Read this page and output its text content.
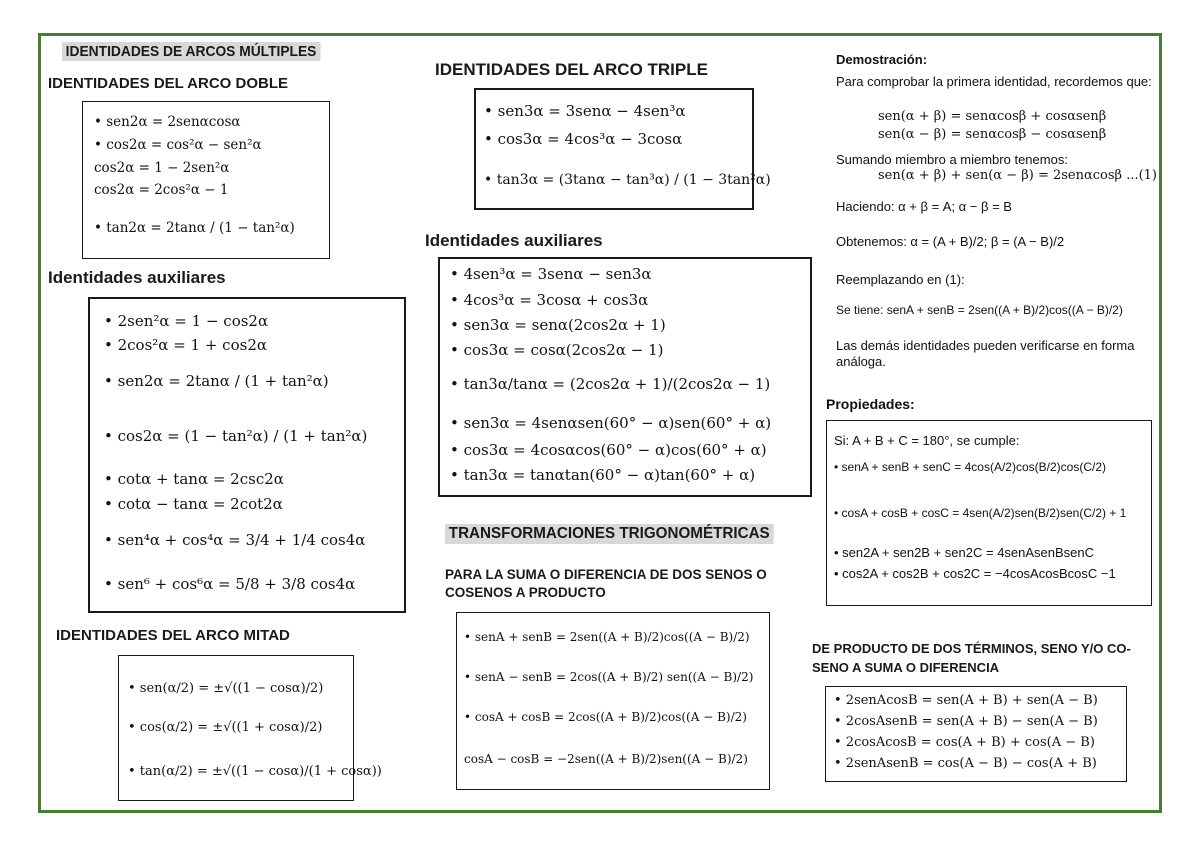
IDENTIDADES DE ARCOS MÚLTIPLES
IDENTIDADES DEL ARCO DOBLE
• sen2α = 2senαcosα
• cos2α = cos²α − sen²α
cos2α = 1 − 2sen²α
cos2α = 2cos²α − 1
• tan2α = 2tanα / (1 − tan²α)
Identidades auxiliares
• 2sen²α = 1 − cos2α
• 2cos²α = 1 + cos2α
• sen2α = 2tanα / (1 + tan²α)
• cos2α = (1 − tan²α) / (1 + tan²α)
• cotα + tanα = 2csc2α
• cotα − tanα = 2cot2α
• sen⁴α + cos⁴α = 3/4 + 1/4 cos4α
• sen⁶ + cos⁶α = 5/8 + 3/8 cos4α
IDENTIDADES DEL ARCO MITAD
• sen(α/2) = ±√((1 − cosα)/2)
• cos(α/2) = ±√((1 + cosα)/2)
• tan(α/2) = ±√((1 − cosα)/(1 + cosα))
IDENTIDADES DEL ARCO TRIPLE
• sen3α = 3senα − 4sen³α
• cos3α = 4cos³α − 3cosα
• tan3α = (3tanα − tan³α) / (1 − 3tan²α)
Identidades auxiliares
• 4sen³α = 3senα − sen3α
• 4cos³α = 3cosα + cos3α
• sen3α = senα(2cos2α + 1)
• cos3α = cosα(2cos2α − 1)
• tan3α/tanα = (2cos2α + 1)/(2cos2α − 1)
• sen3α = 4senαsen(60° − α)sen(60° + α)
• cos3α = 4cosαcos(60° − α)cos(60° + α)
• tan3α = tanαtan(60° − α)tan(60° + α)
TRANSFORMACIONES TRIGONOMÉTRICAS
PARA LA SUMA O DIFERENCIA DE DOS SENOS O
COSENOS A PRODUCTO
• senA + senB = 2sen((A + B)/2)cos((A − B)/2)
• senA − senB = 2cos((A + B)/2) sen((A − B)/2)
• cosA + cosB = 2cos((A + B)/2)cos((A − B)/2)
cosA − cosB = −2sen((A + B)/2)sen((A − B)/2)
Demostración:
Para comprobar la primera identidad, recordemos que:
sen(α + β) = senαcosβ + cosαsenβ
sen(α − β) = senαcosβ − cosαsenβ
Sumando miembro a miembro tenemos:
sen(α + β) + sen(α − β) = 2senαcosβ ...(1)
Haciendo: α + β = A; α − β = B
Obtenemos: α = (A + B)/2; β = (A − B)/2
Reemplazando en (1):
Se tiene: senA + senB = 2sen((A + B)/2)cos((A − B)/2)
Las demás identidades pueden verificarse en forma análoga.
Propiedades:
Si: A + B + C = 180°, se cumple:
• senA + senB + senC = 4cos(A/2)cos(B/2)cos(C/2)
• cosA + cosB + cosC = 4sen(A/2)sen(B/2)sen(C/2) + 1
• sen2A + sen2B + sen2C = 4senAsenBsenC
• cos2A + cos2B + cos2C = −4cosAcosBcosC −1
DE PRODUCTO DE DOS TÉRMINOS, SENO Y/O CO-
SENO A SUMA O DIFERENCIA
• 2senAcosB = sen(A + B) + sen(A − B)
• 2cosAsenB = sen(A + B) − sen(A − B)
• 2cosAcosB = cos(A + B) + cos(A − B)
• 2senAsenB = cos(A − B) − cos(A + B)
